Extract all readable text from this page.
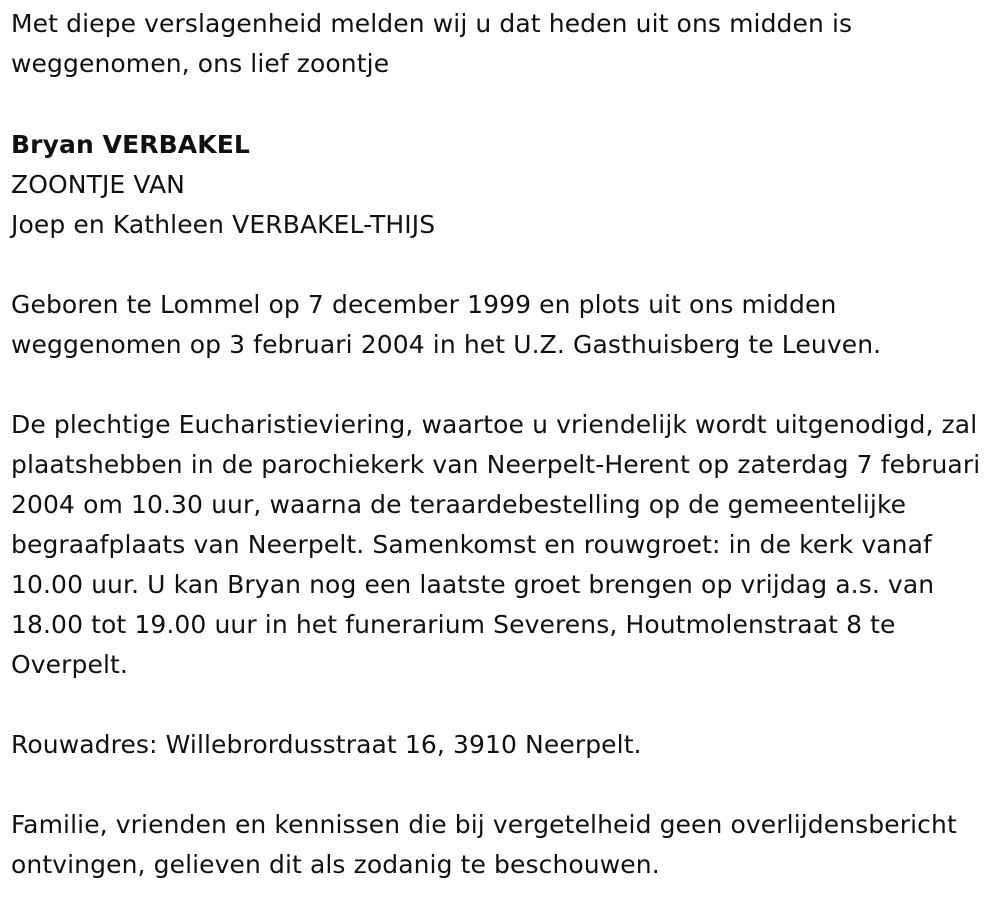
Met diepe verslagenheid melden wij u dat heden uit ons midden is weggenomen, ons lief zoontje

Bryan VERBAKEL

ZOONTJE VAN

Joep en Kathleen VERBAKEL-THIJS

Geboren te Lommel op 7 december 1999 en plots uit ons midden weggenomen op 3 februari 2004 in het U.Z. Gasthuisberg te Leuven.

De plechtige Eucharistieviering, waartoe u vriendelijk wordt uitgenodigd, zal plaatshebben in de parochiekerk van Neerpelt-Herent op zaterdag 7 februari 2004 om 10.30 uur, waarna de teraardebestelling op de gemeentelijke begraafplaats van Neerpelt. Samenkomst en rouwgroet: in de kerk vanaf 10.00 uur. U kan Bryan nog een laatste groet brengen op vrijdag a.s. van 18.00 tot 19.00 uur in het funerarium Severens, Houtmolenstraat 8 te Overpelt.

Rouwadres: Willebrordusstraat 16, 3910 Neerpelt.

Familie, vrienden en kennissen die bij vergetelheid geen overlijdensbericht ontvingen, gelieven dit als zodanig te beschouwen.
